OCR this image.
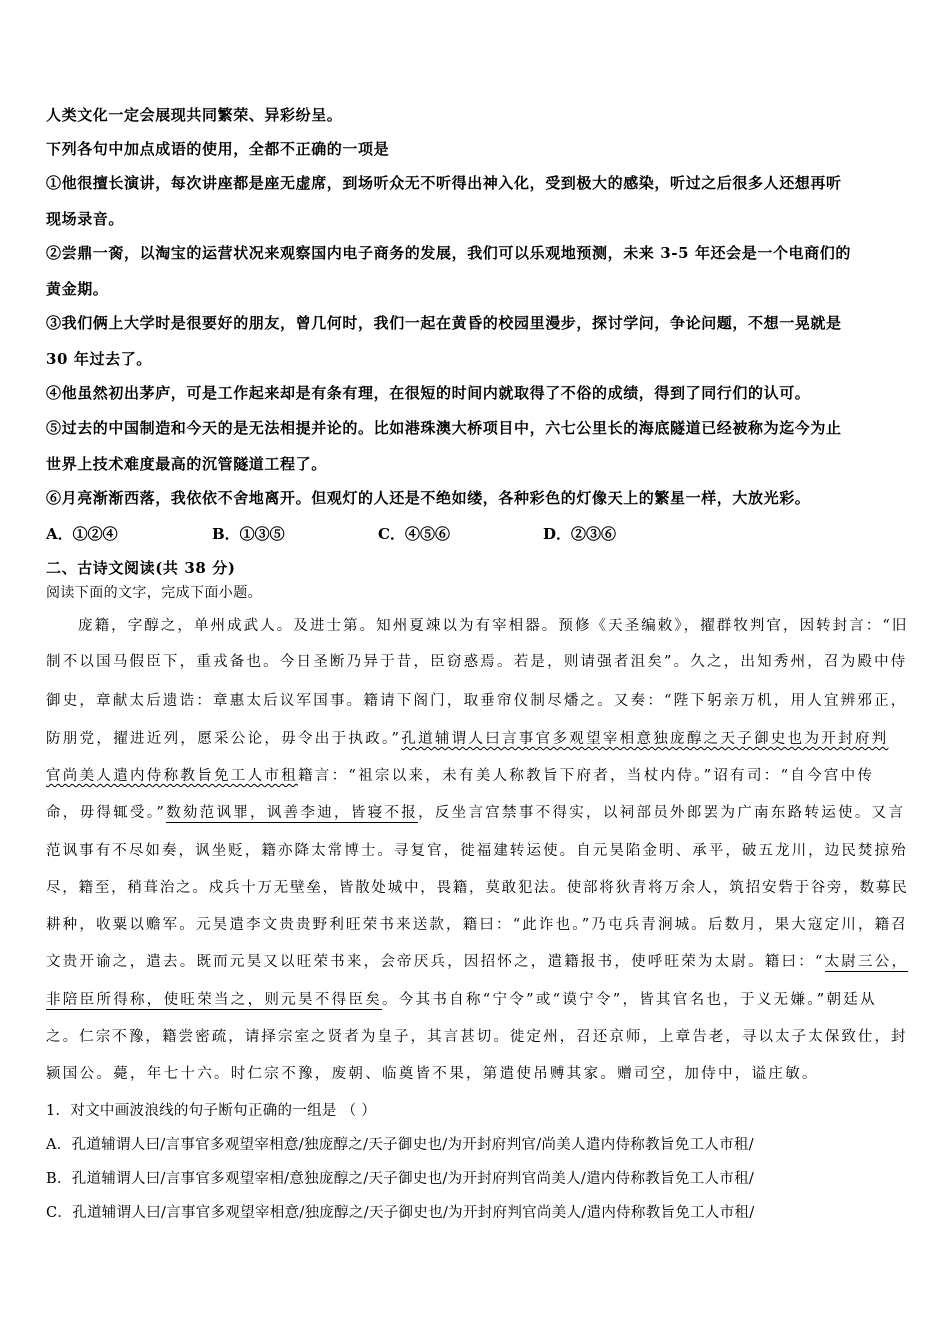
人类文化一定会展现共同繁荣、异彩纷呈。
下列各句中加点成语的使用，全都不正确的一项是
①他很擅长演讲，每次讲座都是座无虚席，到场听众无不听得出神入化，受到极大的感染，听过之后很多人还想再听
现场录音。
②尝鼎一脔，以淘宝的运营状况来观察国内电子商务的发展，我们可以乐观地预测，未来 3-5 年还会是一个电商们的
黄金期。
③我们俩上大学时是很要好的朋友，曾几何时，我们一起在黄昏的校园里漫步，探讨学问，争论问题，不想一晃就是
30 年过去了。
④他虽然初出茅庐，可是工作起来却是有条有理，在很短的时间内就取得了不俗的成绩，得到了同行们的认可。
⑤过去的中国制造和今天的是无法相提并论的。比如港珠澳大桥项目中，六七公里长的海底隧道已经被称为迄今为止
世界上技术难度最高的沉管隧道工程了。
⑥月亮渐渐西落，我依依不舍地离开。但观灯的人还是不绝如缕，各种彩色的灯像天上的繁星一样，大放光彩。
A．①②④	B．①③⑤	C．④⑤⑥	D．②③⑥
二、古诗文阅读(共 38 分)
阅读下面的文字，完成下面小题。
庞籍，字醇之，单州成武人。及进士第。知州夏竦以为有宰相器。预修《天圣编敕》，擢群牧判官，因转封言：“旧
制不以国马假臣下，重戎备也。今日圣断乃异于昔，臣窃惑焉。若是，则请强者沮矣”。久之，出知秀州，召为殿中侍
御史，章献太后遗诰：章惠太后议军国事。籍请下阁门，取垂帘仪制尽燔之。又奏：“陛下躬亲万机，用人宜辨邪正，
防朋党，擢进近列，愿采公论，毋令出于执政。”孔道辅谓人曰言事官多观望宰相意独庞醇之天子御史也为开封府判
官尚美人遣内侍称教旨免工人市租籍言：“祖宗以来，未有美人称教旨下府者，当杖内侍。”诏有司：“自今宫中传
命，毋得辄受。”数劾范讽罪，讽善李迪，皆寝不报，反坐言宫禁事不得实，以祠部员外郎罢为广南东路转运使。又言
范讽事有不尽如奏，讽坐贬，籍亦降太常博士。寻复官，徙福建转运使。自元昊陷金明、承平，破五龙川，边民焚掠殆
尽，籍至，稍葺治之。戍兵十万无壁垒，皆散处城中，畏籍，莫敢犯法。使部将狄青将万余人，筑招安砦于谷旁，数募民
耕种，收粟以赡军。元昊遣李文贵贵野利旺荣书来送款，籍曰：“此诈也。”乃屯兵青涧城。后数月，果大寇定川，籍召
文贵开谕之，遣去。既而元昊又以旺荣书来，会帝厌兵，因招怀之，遣籍报书，使呼旺荣为太尉。籍曰：“太尉三公，
非陪臣所得称，使旺荣当之，则元昊不得臣矣。今其书自称“宁令”或“谟宁令”，皆其官名也，于义无嫌。”朝廷从
之。仁宗不豫，籍尝密疏，请择宗室之贤者为皇子，其言甚切。徙定州，召还京师，上章告老，寻以太子太保致仕，封
颍国公。薨，年七十六。时仁宗不豫，废朝、临奠皆不果，第遣使吊赙其家。赠司空，加侍中，谥庄敏。
1．对文中画波浪线的句子断句正确的一组是 （ ）
A．孔道辅谓人曰/言事官多观望宰相意/独庞醇之/天子御史也/为开封府判官/尚美人遣内侍称教旨免工人市租/
B．孔道辅谓人曰/言事官多观望宰相/意独庞醇之/天子御史也/为开封府判官尚美人/遣内侍称教旨免工人市租/
C．孔道辅谓人曰/言事官多观望宰相意/独庞醇之/天子御史也/为开封府判官尚美人/遣内侍称教旨免工人市租/
